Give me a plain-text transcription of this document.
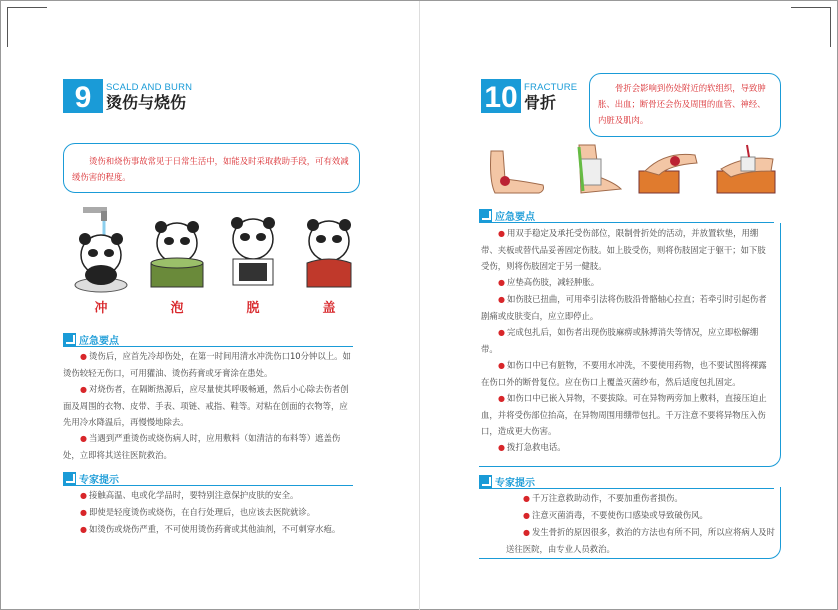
9	SCALD AND BURN
烫伤与烧伤

烫伤和烧伤事故常见于日常生活中，如能及时采取救助手段，可有效减缓伤害的程度。

冲	泡	脱	盖
应急要点

● 烫伤后，应首先冷却伤处，在第一时间用清水冲洗伤口10分钟以上。如烫伤较轻无伤口，可用獾油、烫伤药膏或牙膏涂在患处。

● 对烧伤者，在隔断热源后，应尽量使其呼吸畅通，然后小心除去伤者创面及周围的衣物、皮带、手表、项链、戒指、鞋等。对粘在创面的衣物等，应先用冷水降温后，再慢慢地除去。

● 当遇到严重烫伤或烧伤病人时，应用敷料（如清洁的布料等）遮盖伤处，立即将其送往医院救治。

专家提示

● 接触高温、电或化学品时，要特别注意保护皮肤的安全。

● 即使是轻度烫伤或烧伤，在自行处理后，也应该去医院就诊。

● 如烫伤或烧伤严重，不可使用烫伤药膏或其他油剂，不可刺穿水疱。

10 FRACTURE
骨折

骨折会影响到伤处附近的软组织，导致肿胀、出血；断骨还会伤及周围的血管、神经、内脏及肌肉。

应急要点

● 用双手稳定及承托受伤部位，限制骨折处的活动，并放置软垫，用绷带、夹板或替代品妥善固定伤肢。如上肢受伤，则将伤肢固定于躯干；如下肢受伤，则将伤肢固定于另一健肢。

● 应垫高伤肢，减轻肿胀。

● 如伤肢已扭曲，可用牵引法将伤肢沿骨骼轴心拉直；若牵引时引起伤者剧痛或皮肤变白，应立即停止。

● 完成包扎后，如伤者出现伤肢麻痹或脉搏消失等情况，应立即松解绷带。

● 如伤口中已有脏物，不要用水冲洗，不要使用药物，也不要试图将裸露在伤口外的断骨复位。应在伤口上覆盖灭菌纱布，然后适度包扎固定。

● 如伤口中已嵌入异物，不要拔除。可在异物两旁加上敷料，直接压迫止血，并将受伤部位抬高，在异物周围用绷带包扎。千万注意不要将异物压入伤口，造成更大伤害。

● 拨打急救电话。

专家提示

● 千万注意救助动作，不要加重伤者损伤。

● 注意灭菌消毒，不要使伤口感染或导致破伤风。

● 发生骨折的原因很多，救治的方法也有所不同，所以应将病人及时送往医院，由专业人员救治。
